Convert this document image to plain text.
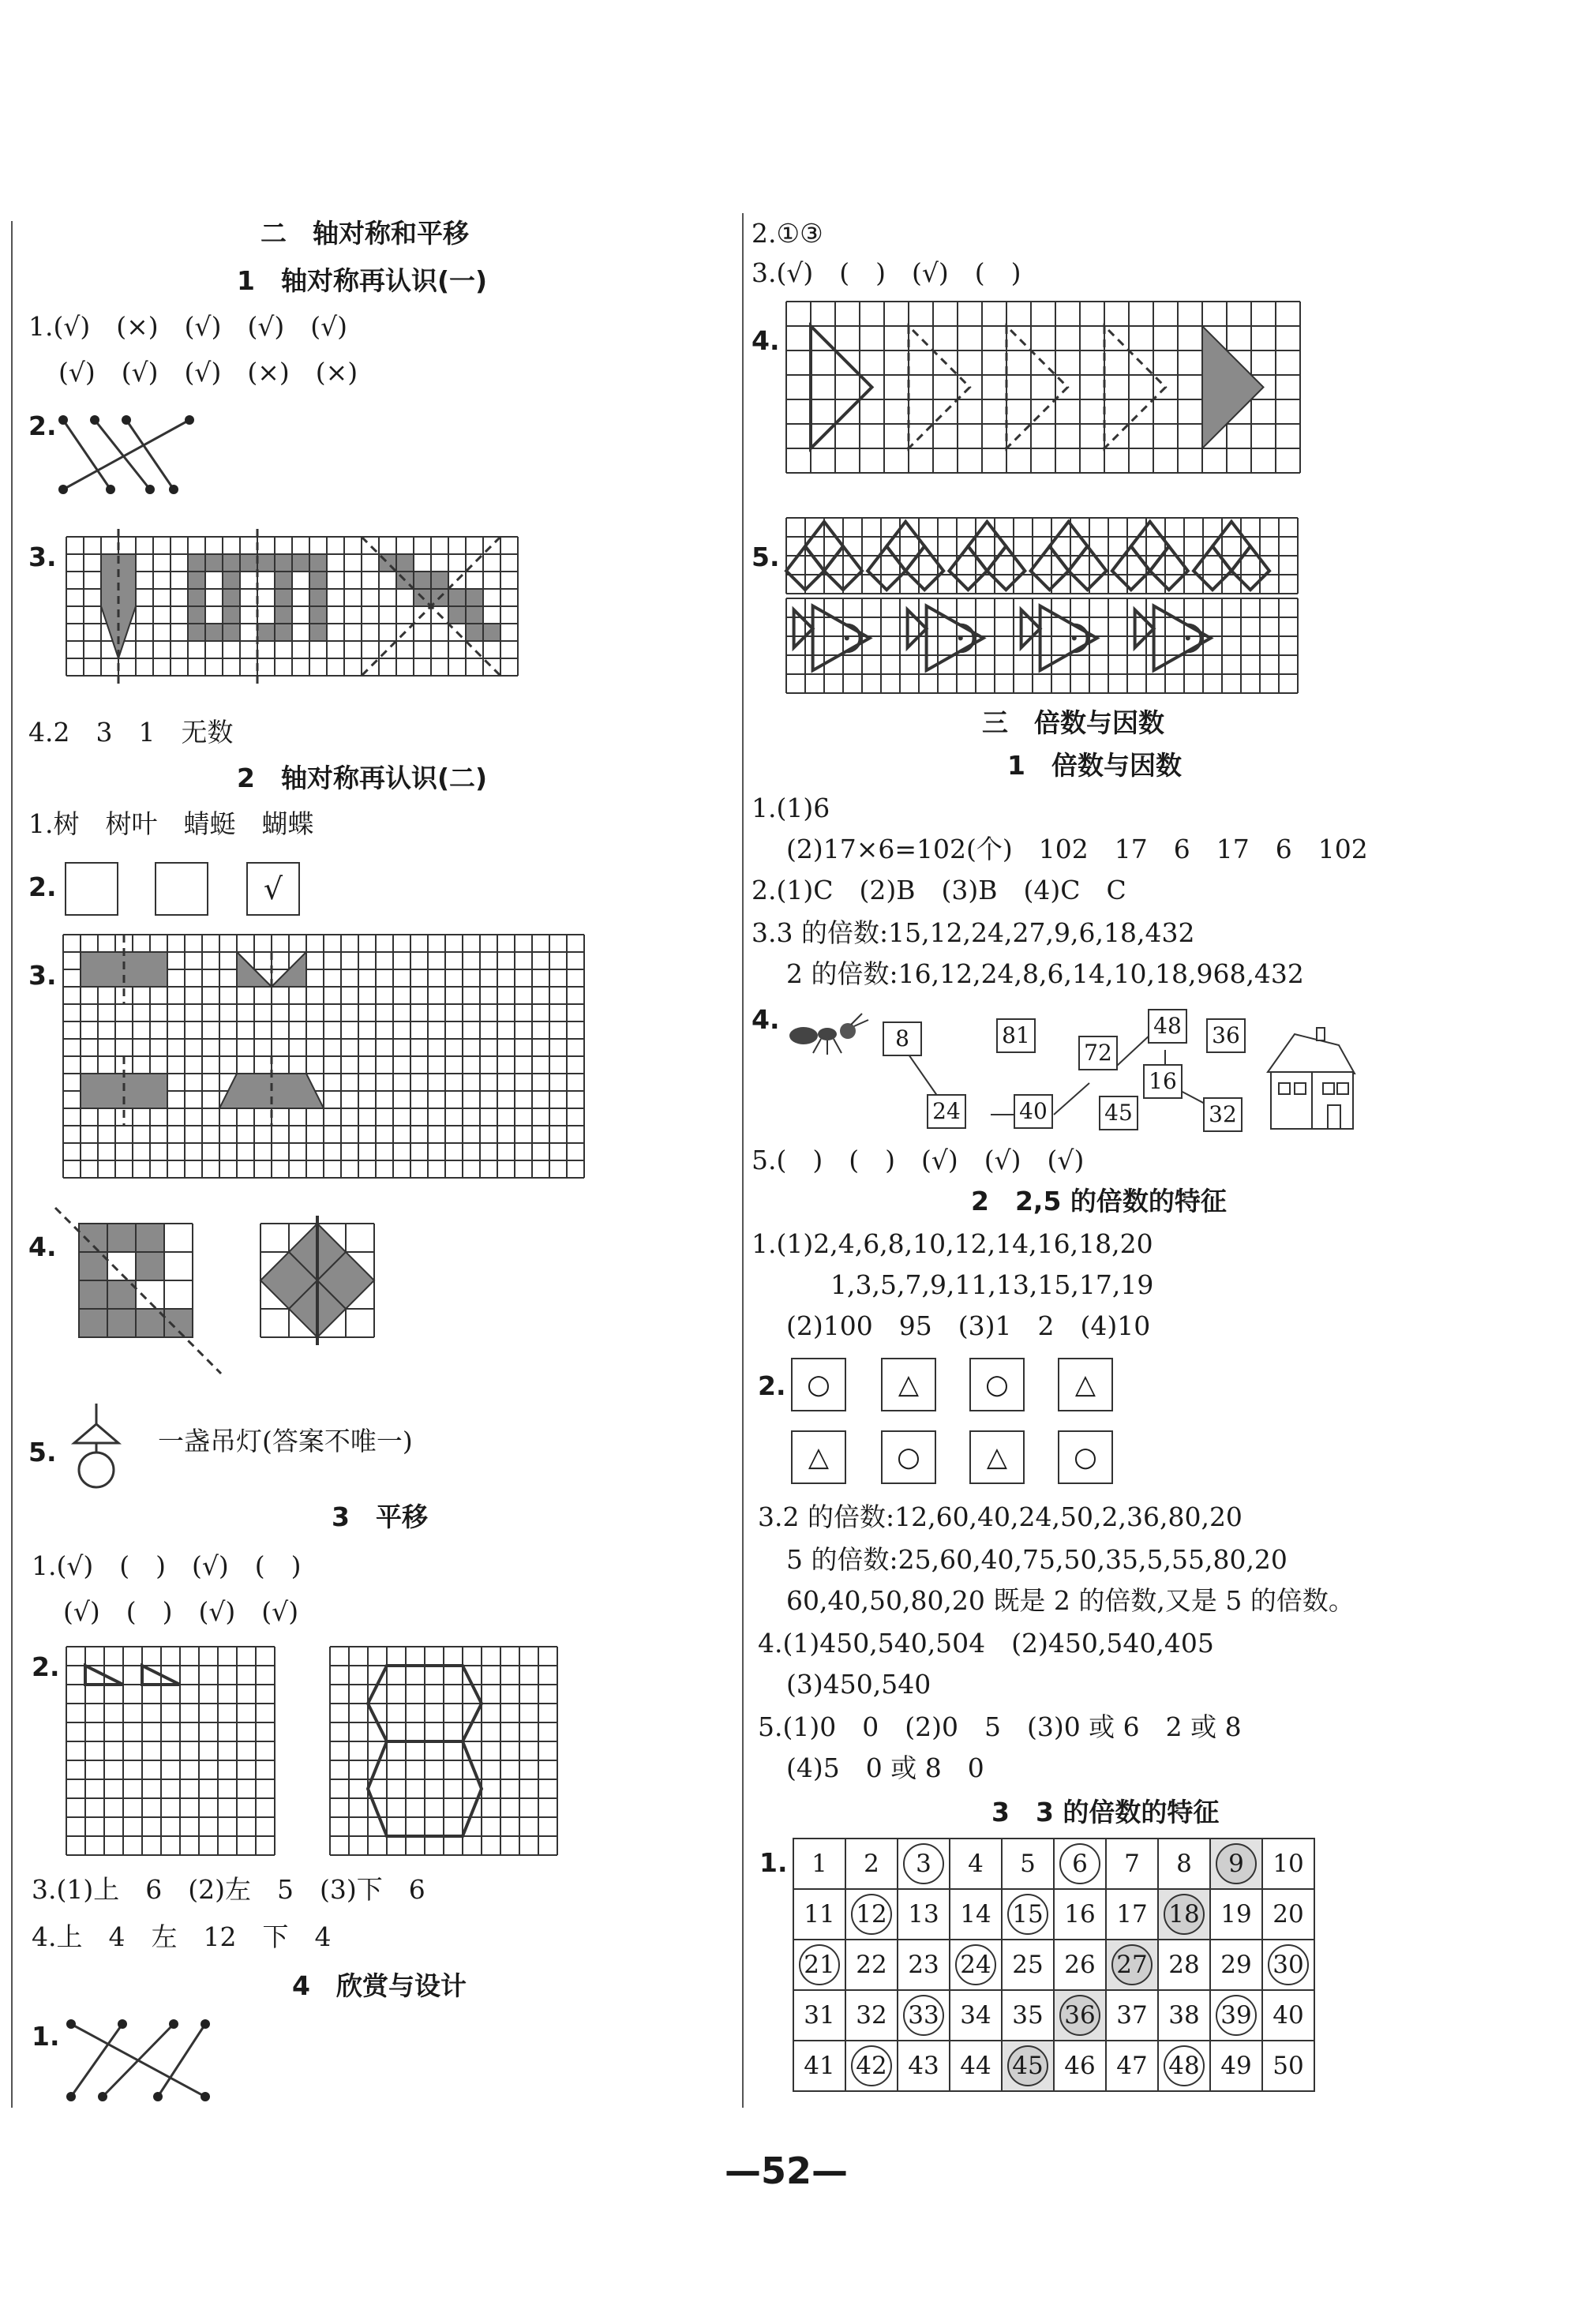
二　轴对称和平移
1　轴对称再认识(一)
1.(√)　(×)　(√)　(√)　(√)
(√)　(√)　(√)　(×)　(×)
2.
3.
4.2　3　1　无数
2　轴对称再认识(二)
1.树　树叶　蜻蜓　蝴蝶
2.	√
3.
4.
5.	一盏吊灯(答案不唯一)
3　平移
1.(√)　(　)　(√)　(　)
(√)　(　)　(√)　(√)
2.
3.(1)上　6　(2)左　5　(3)下　6
4.上　4　左　12　下　4
4　欣赏与设计
1.
2.①③
3.(√)　(　)　(√)　(　)
4.
5.
三　倍数与因数
1　倍数与因数
1.(1)6
(2)17×6=102(个)　102　17　6　17　6　102
2.(1)C　(2)B　(3)B　(4)C　C
3.3 的倍数:15,12,24,27,9,6,18,432
2 的倍数:16,12,24,8,6,14,10,18,968,432
4.
8	81
72
48 36
24	40
16
45	32
5.(　)　(　)　(√)　(√)　(√)
2　2,5 的倍数的特征
1.(1)2,4,6,8,10,12,14,16,18,20
1,3,5,7,9,11,13,15,17,19
(2)100　95　(3)1　2　(4)10
2. ○	△	○	△
△	○	△	○
3.2 的倍数:12,60,40,24,50,2,36,80,20
5 的倍数:25,60,40,75,50,35,5,55,80,20
60,40,50,80,20 既是 2 的倍数,又是 5 的倍数。
4.(1)450,540,504　(2)450,540,405
(3)450,540
5.(1)0　0　(2)0　5　(3)0 或 6　2 或 8
(4)5　0 或 8　0
3　3 的倍数的特征
1. 1	2	3	4	5	6	7	8	9	10
11	12	13	14	15	16	17	18	19	20
21	22	23	24	25	26	27	28	29	30
31	32	33	34	35	36	37	38	39	40
41	42	43	44	45	46	47	48	49	50
—52—
